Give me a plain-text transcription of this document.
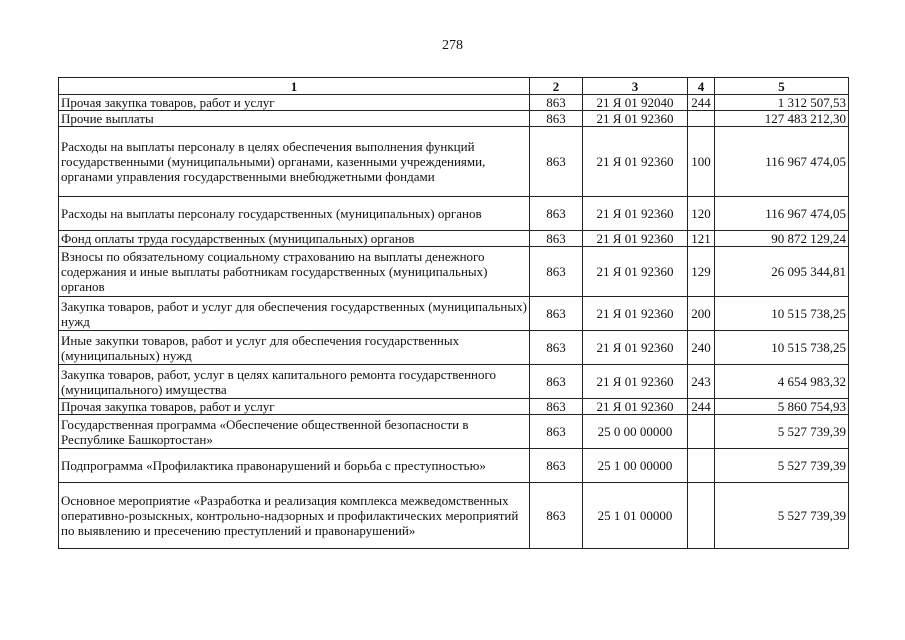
278
1	2	3	4	5
Прочая закупка товаров, работ и услуг	863	21 Я 01 92040	244	1 312 507,53
Прочие выплаты	863	21 Я 01 92360		127 483 212,30
Расходы на выплаты персоналу в целях обеспечения выполнения функций государственными (муниципальными) органами, казенными учреждениями, органами управления государственными внебюджетными фондами	863	21 Я 01 92360	100	116 967 474,05
Расходы на выплаты персоналу государственных (муниципальных) органов	863	21 Я 01 92360	120	116 967 474,05
Фонд оплаты труда государственных (муниципальных) органов	863	21 Я 01 92360	121	90 872 129,24
Взносы по обязательному социальному страхованию на выплаты денежного содержания и иные выплаты работникам государственных (муниципальных) органов	863	21 Я 01 92360	129	26 095 344,81
Закупка товаров, работ и услуг для обеспечения государственных (муниципальных) нужд	863	21 Я 01 92360	200	10 515 738,25
Иные закупки товаров, работ и услуг для обеспечения государственных (муниципальных) нужд	863	21 Я 01 92360	240	10 515 738,25
Закупка товаров, работ, услуг в целях капитального ремонта государственного (муниципального) имущества	863	21 Я 01 92360	243	4 654 983,32
Прочая закупка товаров, работ и услуг	863	21 Я 01 92360	244	5 860 754,93
Государственная программа «Обеспечение общественной безопасности в Республике Башкортостан»	863	25 0 00 00000		5 527 739,39
Подпрограмма «Профилактика правонарушений и борьба с преступностью»	863	25 1 00 00000		5 527 739,39
Основное мероприятие «Разработка и реализация комплекса межведомственных оперативно-розыскных, контрольно-надзорных и профилактических мероприятий по выявлению и пресечению преступлений и правонарушений»	863	25 1 01 00000		5 527 739,39
